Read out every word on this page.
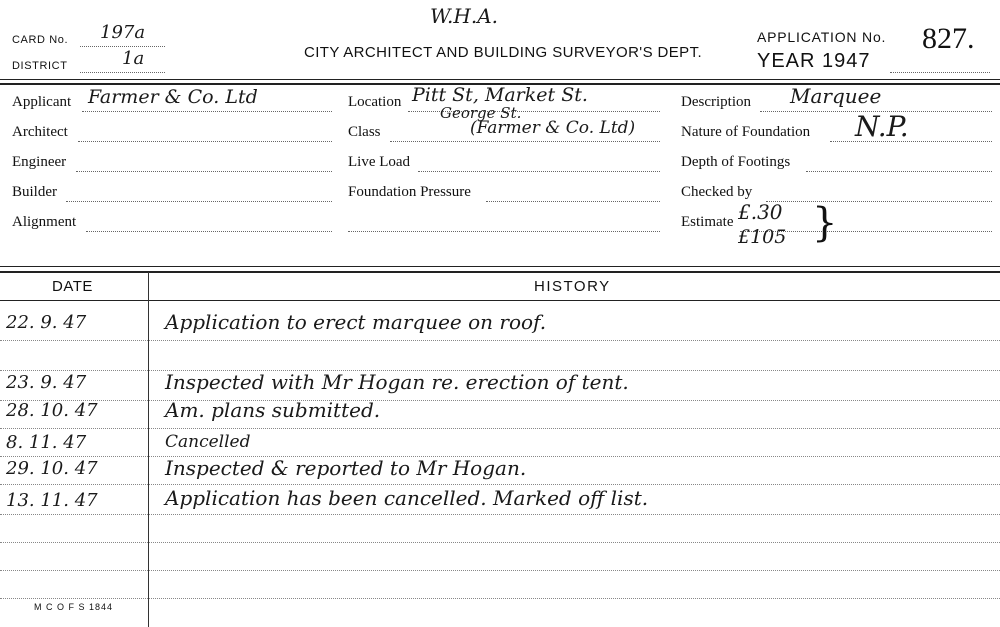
CARD No. 197a
DISTRICT	1a
W.H.A.
CITY ARCHITECT AND BUILDING SURVEYOR'S DEPT.
APPLICATION No. 827.
YEAR 1947
Applicant Farmer & Co. Ltd
Architect
Engineer
Builder
Alignment
Location Pitt St, Market St.
George St.
Class	(Farmer & Co. Ltd)
Live Load
Foundation Pressure
Description Marquee
Nature of Foundation N.P.
Depth of Footings
Checked by
Estimate £.30
£105 }
DATE	HISTORY
22. 9. 47	Application to erect marquee on roof.
23. 9. 47	Inspected with Mr Hogan re. erection of tent.
28. 10. 47	Am. plans submitted.
8. 11. 47	Cancelled
29. 10. 47	Inspected & reported to Mr Hogan.
13. 11. 47	Application has been cancelled. Marked off list.
M C O F S 1844
